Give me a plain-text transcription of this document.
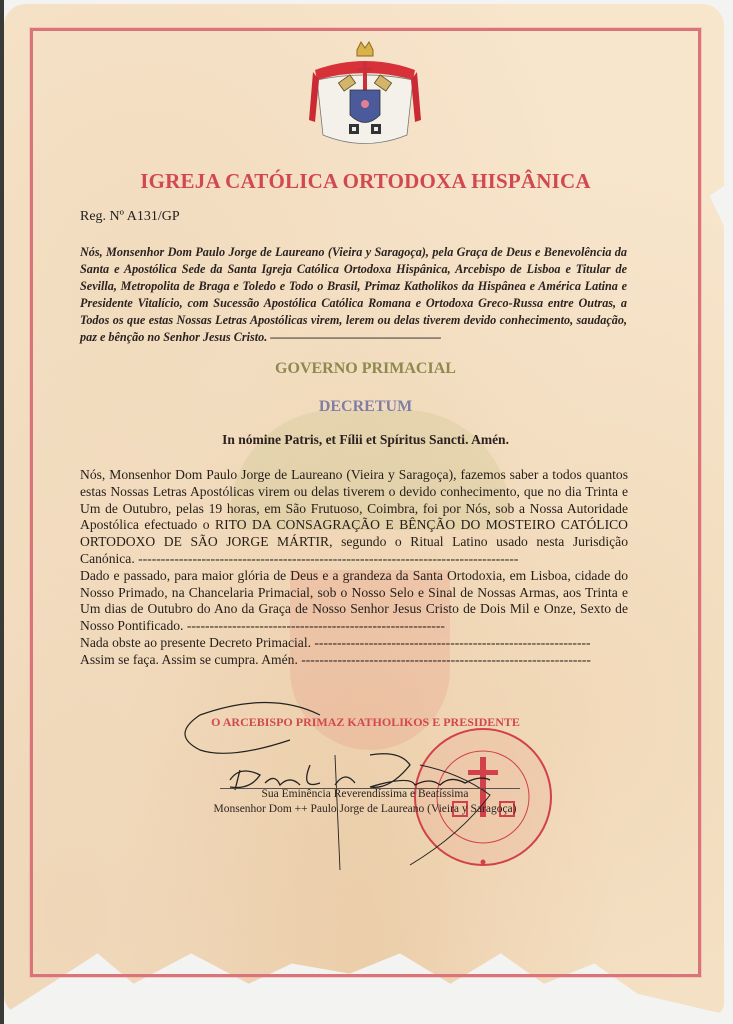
IGREJA CATÓLICA ORTODOXA HISPÂNICA
Reg. Nº A131/GP
Nós, Monsenhor Dom Paulo Jorge de Laureano (Vieira y Saragoça), pela Graça de Deus e Benevolência da Santa e Apostólica Sede da Santa Igreja Católica Ortodoxa Hispânica, Arcebispo de Lisboa e Titular de Sevilla, Metropolita de Braga e Toledo e Todo o Brasil, Primaz Katholikos da Hispânea e América Latina e Presidente Vitalício, com Sucessão Apostólica Católica Romana e Ortodoxa Greco-Russa entre Outras, a Todos os que estas Nossas Letras Apostólicas virem, lerem ou delas tiverem devido conhecimento, saudação, paz e bênção no Senhor Jesus Cristo. ——————————————
GOVERNO PRIMACIAL
DECRETUM
In nómine Patris, et Fílii et Spíritus Sancti. Amén.

Nós, Monsenhor Dom Paulo Jorge de Laureano (Vieira y Saragoça), fazemos saber a todos quantos estas Nossas Letras Apostólicas virem ou delas tiverem o devido conhecimento, que no dia Trinta e Um de Outubro, pelas 19 horas, em São Frutuoso, Coimbra, foi por Nós, sob a Nossa Autoridade Apostólica efectuado o RITO DA CONSAGRAÇÃO E BÊNÇÃO DO MOSTEIRO CATÓLICO ORTODOXO DE SÃO JORGE MÁRTIR, segundo o Ritual Latino usado nesta Jurisdição Canónica. ------------------------------------------------------------------------------------

Dado e passado, para maior glória de Deus e a grandeza da Santa Ortodoxia, em Lisboa, cidade do Nosso Primado, na Chancelaria Primacial, sob o Nosso Selo e Sinal de Nossas Armas, aos Trinta e Um dias de Outubro do Ano da Graça de Nosso Senhor Jesus Cristo de Dois Mil e Onze, Sexto de Nosso Pontificado. ---------------------------------------------------------

Nada obste ao presente Decreto Primacial. -------------------------------------------------------------

Assim se faça. Assim se cumpra. Amén. ----------------------------------------------------------------

O ARCEBISPO PRIMAZ KATHOLIKOS E PRESIDENTE
Sua Eminência Reverendíssima e Beatíssima
Monsenhor Dom ++ Paulo Jorge de Laureano (Vieira y Saragoça)
